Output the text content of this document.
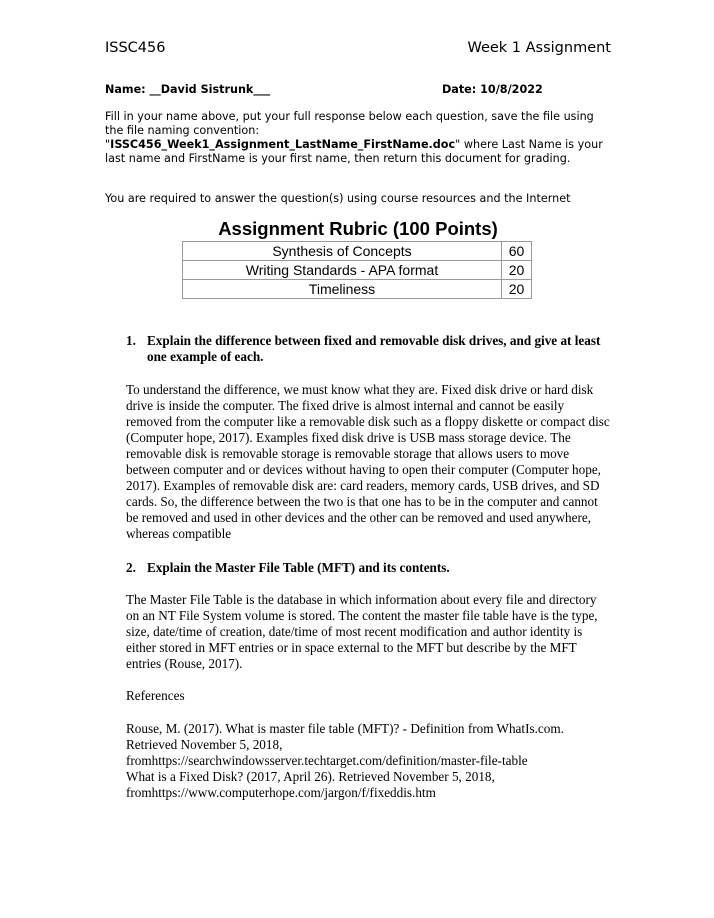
ISSC456	Week 1 Assignment
Name: __David Sistrunk___	Date: 10/8/2022
Fill in your name above, put your full response below each question, save the file using the file naming convention:
"ISSC456_Week1_Assignment_LastName_FirstName.doc" where Last Name is your last name and FirstName is your first name, then return this document for grading.
You are required to answer the question(s) using course resources and the Internet
Assignment Rubric (100 Points)
Synthesis of Concepts	60
Writing Standards - APA format	20
Timeliness	20
1. Explain the difference between fixed and removable disk drives, and give at least one example of each.
To understand the difference, we must know what they are. Fixed disk drive or hard disk drive is inside the computer. The fixed drive is almost internal and cannot be easily removed from the computer like a removable disk such as a floppy diskette or compact disc (Computer hope, 2017). Examples fixed disk drive is USB mass storage device. The removable disk is removable storage is removable storage that allows users to move between computer and or devices without having to open their computer (Computer hope, 2017). Examples of removable disk are: card readers, memory cards, USB drives, and SD cards. So, the difference between the two is that one has to be in the computer and cannot be removed and used in other devices and the other can be removed and used anywhere, whereas compatible
2. Explain the Master File Table (MFT) and its contents.
The Master File Table is the database in which information about every file and directory on an NT File System volume is stored. The content the master file table have is the type, size, date/time of creation, date/time of most recent modification and author identity is either stored in MFT entries or in space external to the MFT but describe by the MFT entries (Rouse, 2017).
References
Rouse, M. (2017). What is master file table (MFT)? - Definition from WhatIs.com.
Retrieved November 5, 2018,
fromhttps://searchwindowsserver.techtarget.com/definition/master-file-table
What is a Fixed Disk? (2017, April 26). Retrieved November 5, 2018,
fromhttps://www.computerhope.com/jargon/f/fixeddis.htm
